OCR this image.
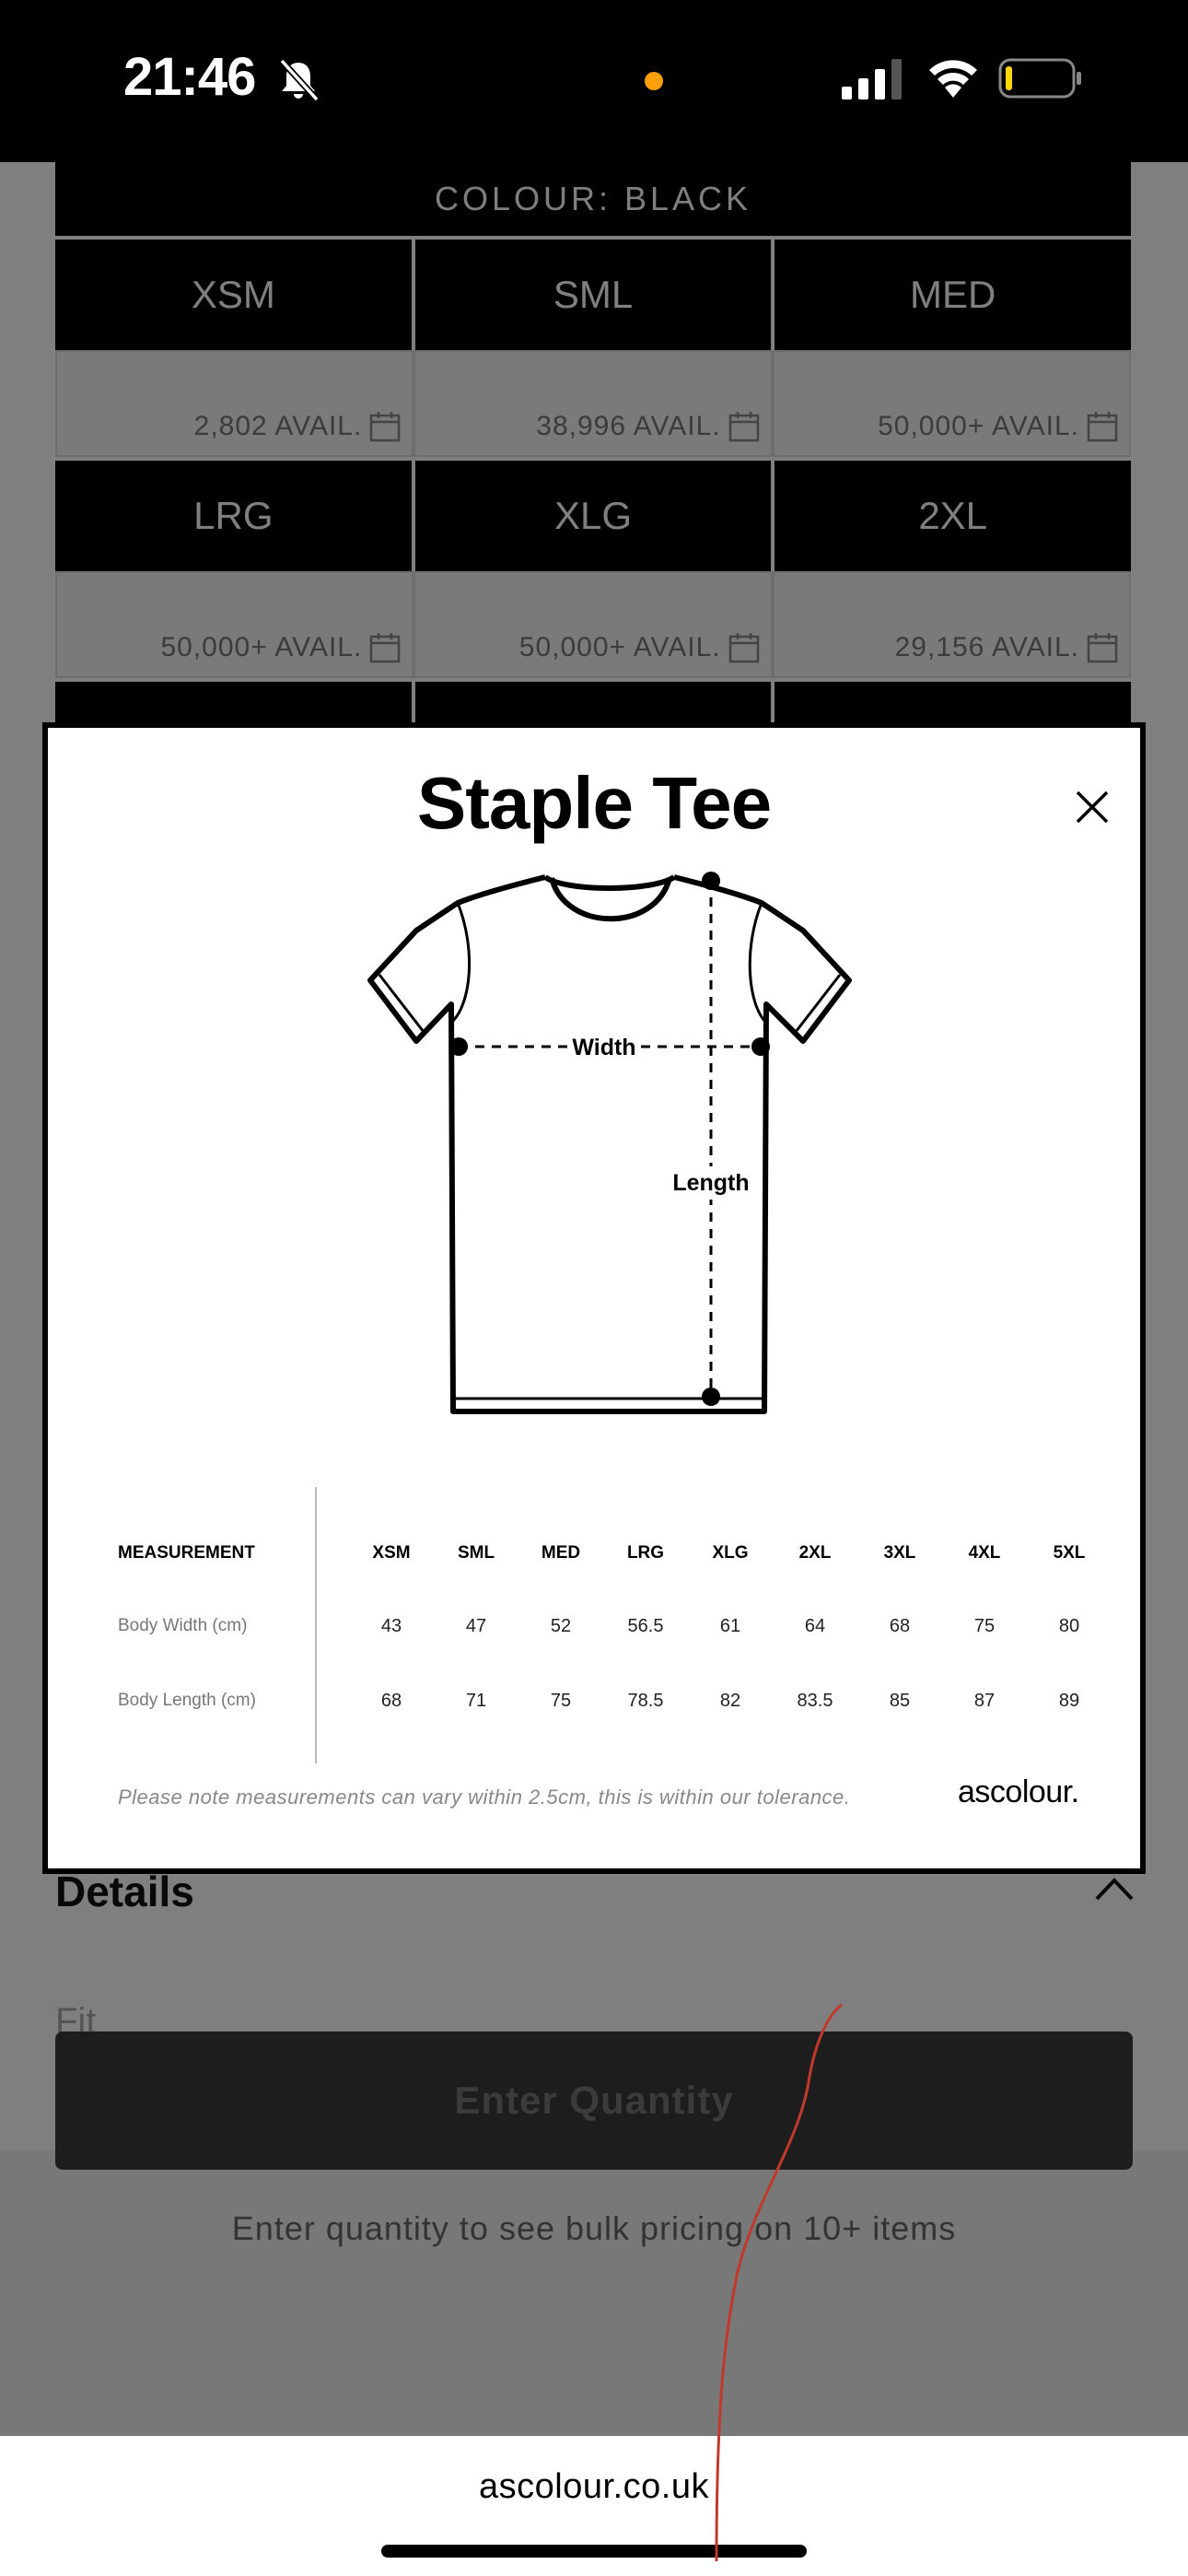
21:46
Staple Tee
Width
Length
MEASUREMENT	XSM	SML	MED	LRG	XLG	2XL	3XL	4XL	5XL
Body Width (cm)	43	47	52	56.5	61	64	68	75	80
Body Length (cm)	68	71	75	78.5	82	83.5	85	87	89
Please note measurements can vary within 2.5cm, this is within our tolerance.	ascolour.
ascolour.co.uk
